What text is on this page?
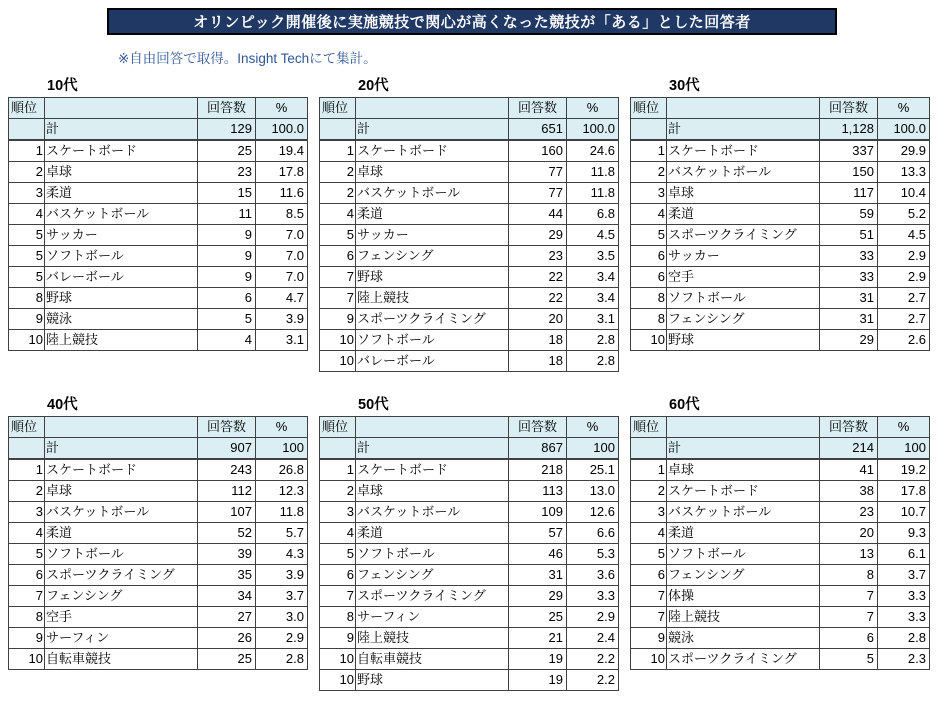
オリンピック開催後に実施競技で関心が高くなった競技が「ある」とした回答者
※自由回答で取得。Insight Techにて集計。
10代
順位		回答数	%
	計	129	100.0
1	スケートボード	25	19.4
2	卓球	23	17.8
3	柔道	15	11.6
4	バスケットボール	11	8.5
5	サッカー	9	7.0
5	ソフトボール	9	7.0
5	バレーボール	9	7.0
8	野球	6	4.7
9	競泳	5	3.9
10	陸上競技	4	3.1
20代
順位		回答数	%
	計	651	100.0
1	スケートボード	160	24.6
2	卓球	77	11.8
2	バスケットボール	77	11.8
4	柔道	44	6.8
5	サッカー	29	4.5
6	フェンシング	23	3.5
7	野球	22	3.4
7	陸上競技	22	3.4
9	スポーツクライミング	20	3.1
10	ソフトボール	18	2.8
10	バレーボール	18	2.8
30代
順位		回答数	%
	計	1,128	100.0
1	スケートボード	337	29.9
2	バスケットボール	150	13.3
3	卓球	117	10.4
4	柔道	59	5.2
5	スポーツクライミング	51	4.5
6	サッカー	33	2.9
6	空手	33	2.9
8	ソフトボール	31	2.7
8	フェンシング	31	2.7
10	野球	29	2.6
40代
順位		回答数	%
	計	907	100
1	スケートボード	243	26.8
2	卓球	112	12.3
3	バスケットボール	107	11.8
4	柔道	52	5.7
5	ソフトボール	39	4.3
6	スポーツクライミング	35	3.9
7	フェンシング	34	3.7
8	空手	27	3.0
9	サーフィン	26	2.9
10	自転車競技	25	2.8
50代
順位		回答数	%
	計	867	100
1	スケートボード	218	25.1
2	卓球	113	13.0
3	バスケットボール	109	12.6
4	柔道	57	6.6
5	ソフトボール	46	5.3
6	フェンシング	31	3.6
7	スポーツクライミング	29	3.3
8	サーフィン	25	2.9
9	陸上競技	21	2.4
10	自転車競技	19	2.2
10	野球	19	2.2
60代
順位		回答数	%
	計	214	100
1	卓球	41	19.2
2	スケートボード	38	17.8
3	バスケットボール	23	10.7
4	柔道	20	9.3
5	ソフトボール	13	6.1
6	フェンシング	8	3.7
7	体操	7	3.3
7	陸上競技	7	3.3
9	競泳	6	2.8
10	スポーツクライミング	5	2.3
